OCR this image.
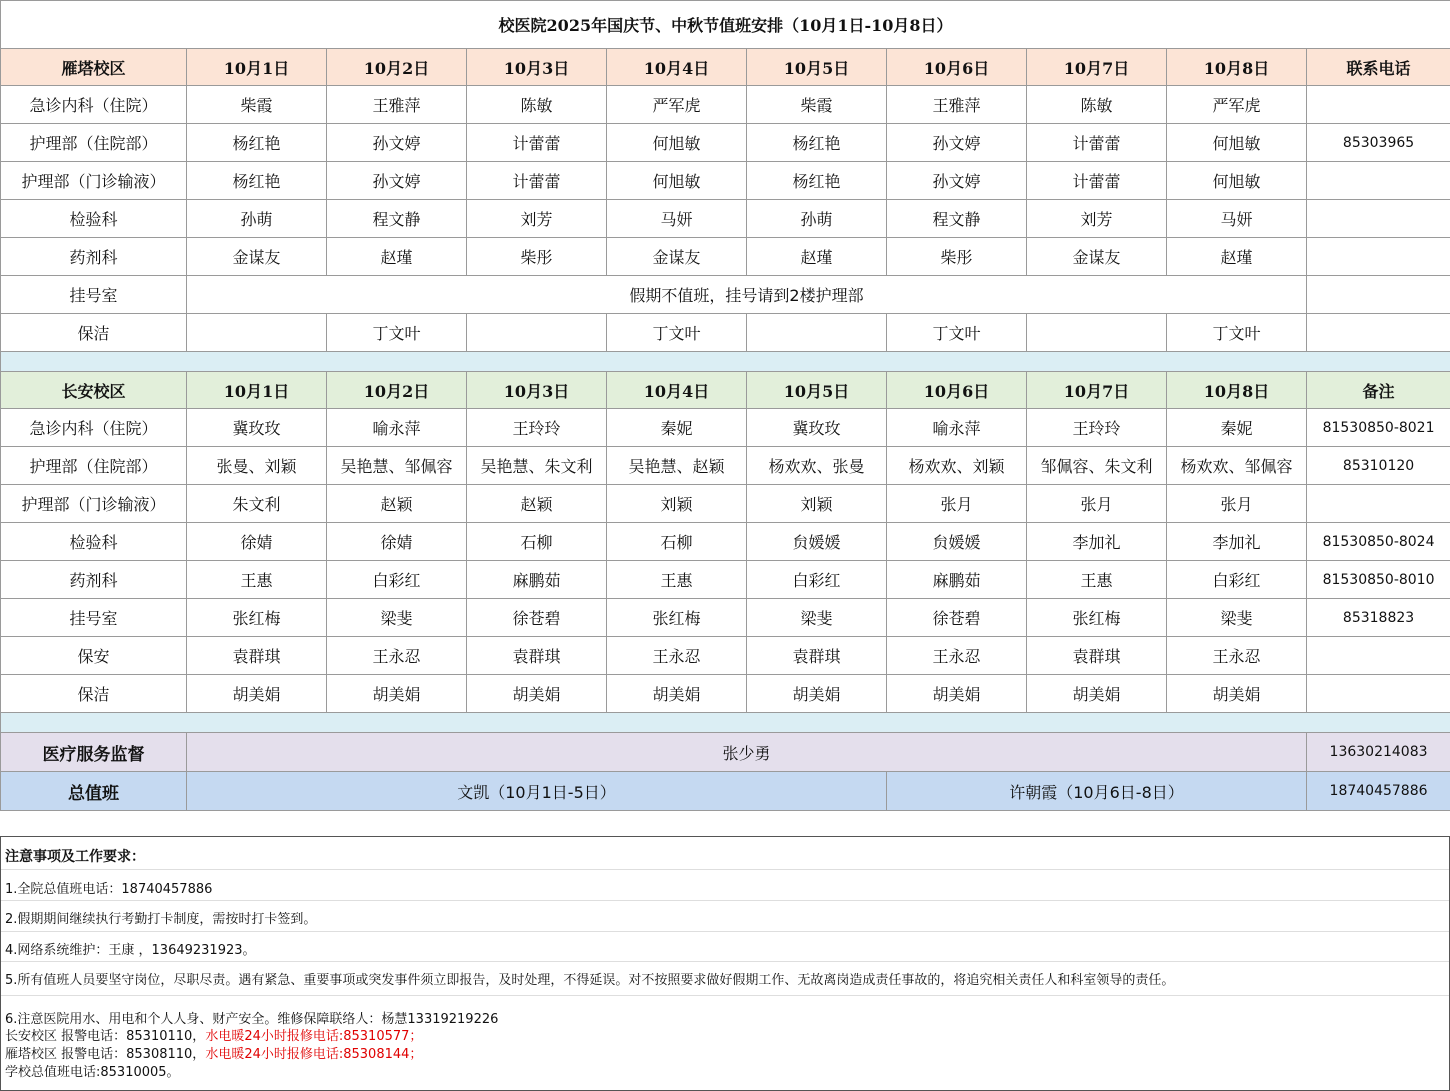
校医院2025年国庆节、中秋节值班安排（10月1日-10月8日）									
雁塔校区	10月1日	10月2日	10月3日	10月4日	10月5日	10月6日	10月7日	10月8日	联系电话
急诊内科（住院）	柴霞	王雅萍	陈敏	严军虎	柴霞	王雅萍	陈敏	严军虎	
护理部（住院部）	杨红艳	孙文婷	计蕾蕾	何旭敏	杨红艳	孙文婷	计蕾蕾	何旭敏	85303965
护理部（门诊输液）	杨红艳	孙文婷	计蕾蕾	何旭敏	杨红艳	孙文婷	计蕾蕾	何旭敏	
检验科	孙萌	程文静	刘芳	马妍	孙萌	程文静	刘芳	马妍	
药剂科	金谋友	赵瑾	柴彤	金谋友	赵瑾	柴彤	金谋友	赵瑾	
挂号室	假期不值班，挂号请到2楼护理部								
保洁		丁文叶		丁文叶		丁文叶		丁文叶	

长安校区	10月1日	10月2日	10月3日	10月4日	10月5日	10月6日	10月7日	10月8日	备注
急诊内科（住院）	冀玫玫	喻永萍	王玲玲	秦妮	冀玫玫	喻永萍	王玲玲	秦妮	81530850-8021
护理部（住院部）	张曼、刘颖	吴艳慧、邹佩容	吴艳慧、朱文利	吴艳慧、赵颖	杨欢欢、张曼	杨欢欢、刘颖	邹佩容、朱文利	杨欢欢、邹佩容	85310120
护理部（门诊输液）	朱文利	赵颖	赵颖	刘颖	刘颖	张月	张月	张月	
检验科	徐婧	徐婧	石柳	石柳	贠媛媛	贠媛媛	李加礼	李加礼	81530850-8024
药剂科	王惠	白彩红	麻鹏茹	王惠	白彩红	麻鹏茹	王惠	白彩红	81530850-8010
挂号室	张红梅	梁斐	徐苍碧	张红梅	梁斐	徐苍碧	张红梅	梁斐	85318823
保安	袁群琪	王永忍	袁群琪	王永忍	袁群琪	王永忍	袁群琪	王永忍	
保洁	胡美娟	胡美娟	胡美娟	胡美娟	胡美娟	胡美娟	胡美娟	胡美娟	

医疗服务监督	张少勇								13630214083
总值班	文凯（10月1日-5日）					许朝霞（10月6日-8日）			18740457886
注意事项及工作要求：
1.全院总值班电话：18740457886
2.假期期间继续执行考勤打卡制度，需按时打卡签到。
4.网络系统维护：王康 ，13649231923。
5.所有值班人员要坚守岗位，尽职尽责。遇有紧急、重要事项或突发事件须立即报告，及时处理，不得延误。对不按照要求做好假期工作、无故离岗造成责任事故的，将追究相关责任人和科室领导的责任。
6.注意医院用水、用电和个人人身、财产安全。维修保障联络人：杨慧13319219226
长安校区 报警电话：85310110，水电暖24小时报修电话:85310577；
雁塔校区 报警电话：85308110，水电暖24小时报修电话:85308144；
学校总值班电话:85310005。
